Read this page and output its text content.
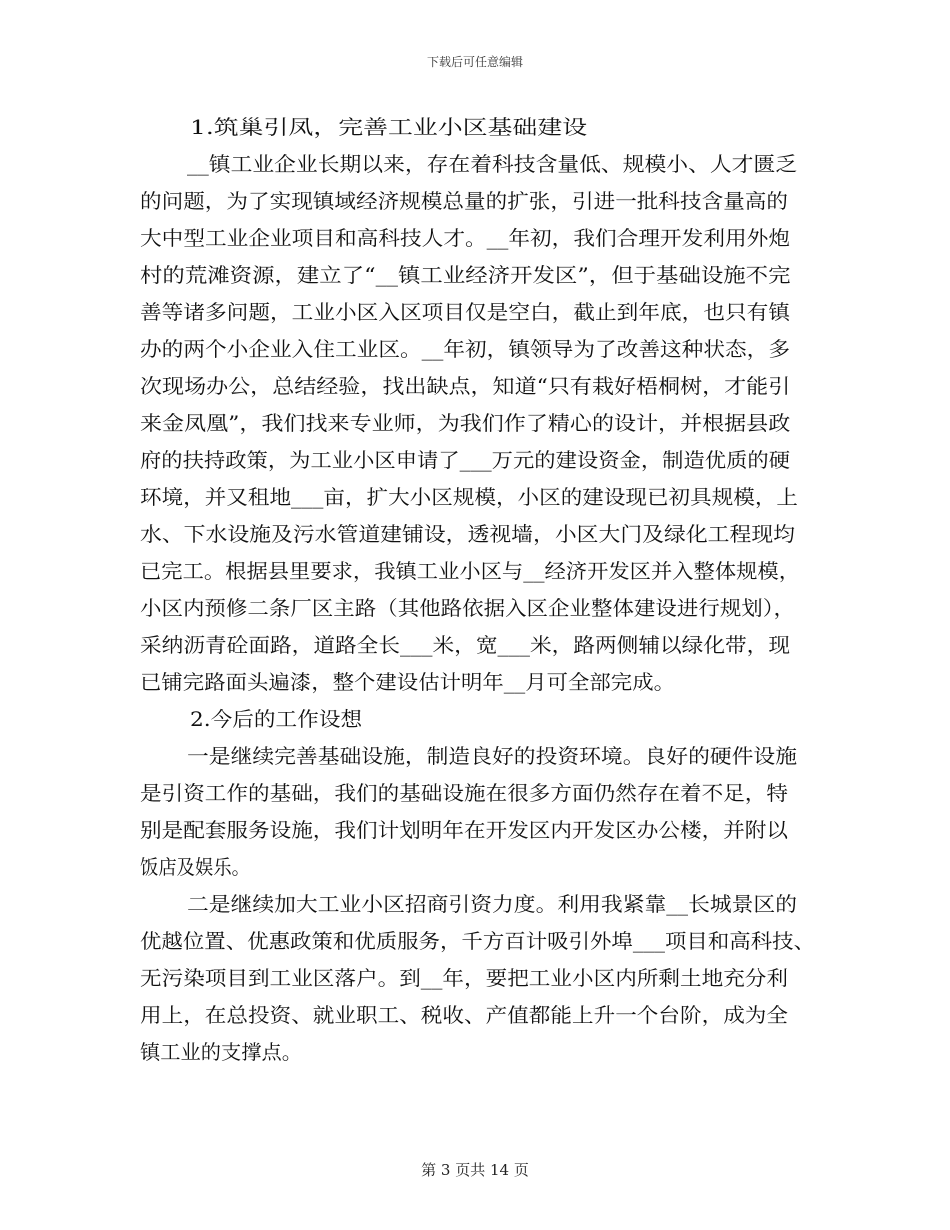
下载后可任意编辑
1.筑巢引凤，完善工业小区基础建设
__镇工业企业长期以来，存在着科技含量低、规模小、人才匮乏
的问题，为了实现镇域经济规模总量的扩张，引进一批科技含量高的
大中型工业企业项目和高科技人才。__年初，我们合理开发利用外炮
村的荒滩资源，建立了“__镇工业经济开发区”，但于基础设施不完
善等诸多问题，工业小区入区项目仅是空白，截止到年底，也只有镇
办的两个小企业入住工业区。__年初，镇领导为了改善这种状态，多
次现场办公，总结经验，找出缺点，知道“只有栽好梧桐树，才能引
来金凤凰”，我们找来专业师，为我们作了精心的设计，并根据县政
府的扶持政策，为工业小区申请了___万元的建设资金，制造优质的硬
环境，并又租地___亩，扩大小区规模，小区的建设现已初具规模，上
水、下水设施及污水管道建铺设，透视墙，小区大门及绿化工程现均
已完工。根据县里要求，我镇工业小区与__经济开发区并入整体规模，
小区内预修二条厂区主路（其他路依据入区企业整体建设进行规划），
采纳沥青砼面路，道路全长___米，宽___米，路两侧辅以绿化带，现
已铺完路面头遍漆，整个建设估计明年__月可全部完成。
2.今后的工作设想
一是继续完善基础设施，制造良好的投资环境。良好的硬件设施
是引资工作的基础，我们的基础设施在很多方面仍然存在着不足，特
别是配套服务设施，我们计划明年在开发区内开发区办公楼，并附以
饭店及娱乐。
二是继续加大工业小区招商引资力度。利用我紧靠__长城景区的
优越位置、优惠政策和优质服务，千方百计吸引外埠___项目和高科技、
无污染项目到工业区落户。到__年，要把工业小区内所剩土地充分利
用上，在总投资、就业职工、税收、产值都能上升一个台阶，成为全
镇工业的支撑点。
第 3 页共 14 页
